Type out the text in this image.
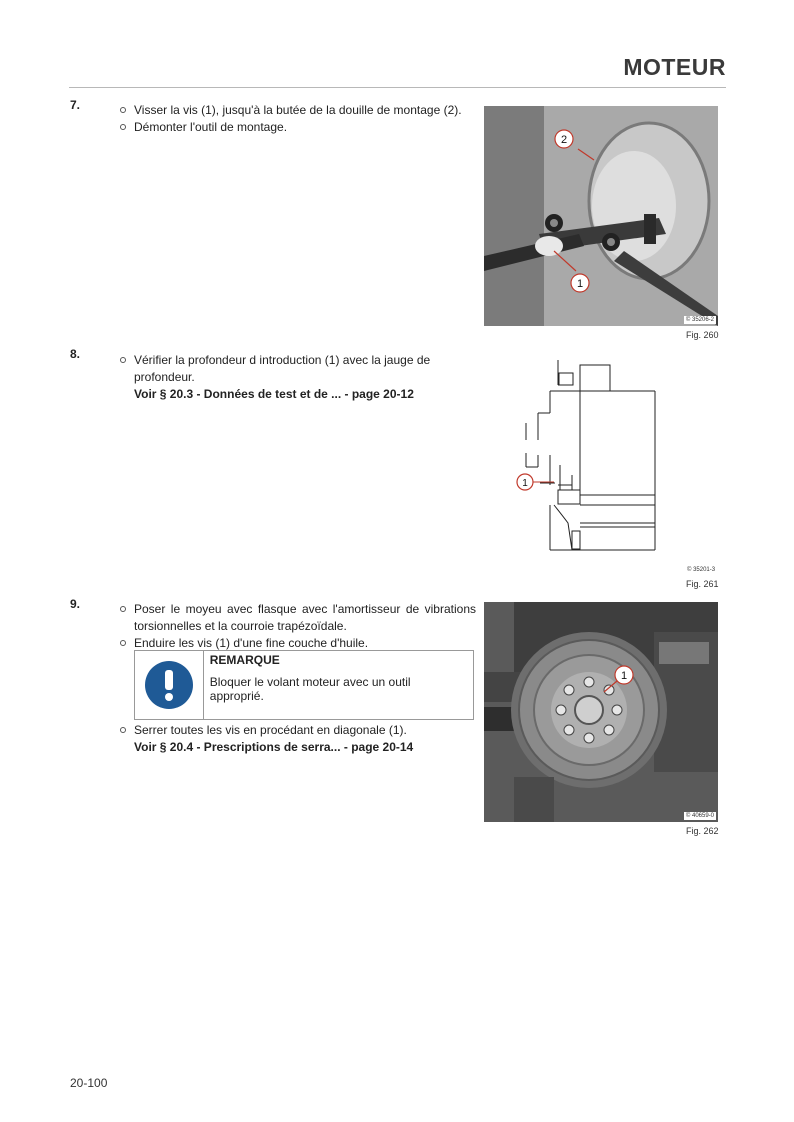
MOTEUR
7.	Visser la vis (1), jusqu'à la butée de la douille de montage (2).
Démonter l'outil de montage.
2
1
© 35206-2
Fig. 260
8.	Vérifier la profondeur d introduction (1) avec la jauge de profondeur.
Voir § 20.3 - Données de test et de ... - page 20-12
1
© 35201-3
Fig. 261
9.	Poser le moyeu avec flasque avec l'amortisseur de vibrations torsionnelles et la courroie trapézoïdale.
Enduire les vis (1) d'une fine couche d'huile.
REMARQUE
Bloquer le volant moteur avec un outil approprié.
Serrer toutes les vis en procédant en diagonale (1).
Voir § 20.4 - Prescriptions de serra... - page 20-14
1
© 40659-0
Fig. 262
20-100
